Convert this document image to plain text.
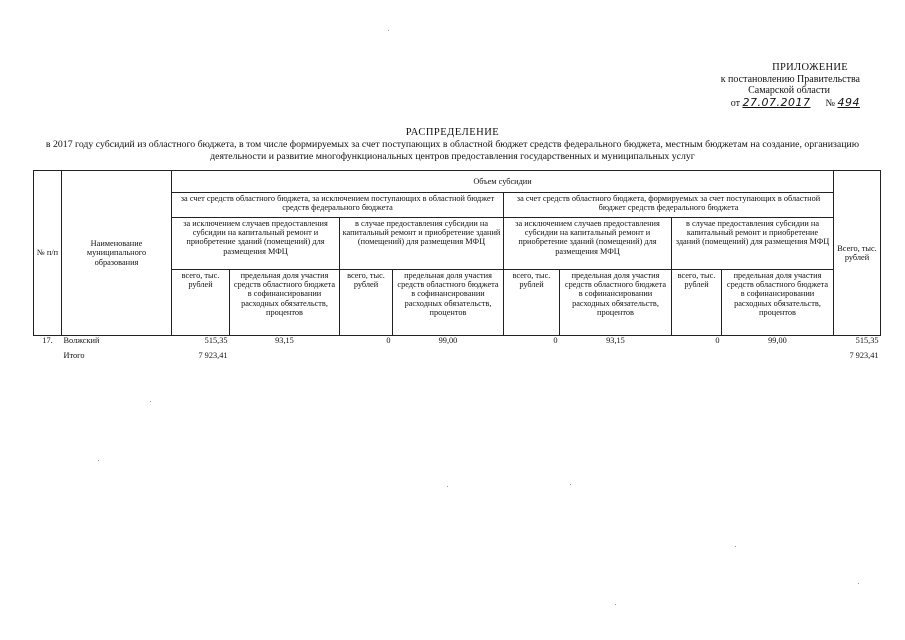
ПРИЛОЖЕНИЕ
к постановлению Правительства
Самарской области
от 27.07.2017 № 494
РАСПРЕДЕЛЕНИЕ
в 2017 году субсидий из областного бюджета, в том числе формируемых за счет поступающих в областной бюджет средств федерального бюджета, местным бюджетам на создание, организацию деятельности и развитие многофункциональных центров предоставления государственных и муниципальных услуг
№ п/п	Наименование муниципального образования	Объем субсидии								Всего, тыс. рублей
		за счет средств областного бюджета, за исключением поступающих в областной бюджет средств федерального бюджета				за счет средств областного бюджета, формируемых за счет поступающих в областной бюджет средств федерального бюджета				
		за исключением случаев предоставления субсидии на капитальный ремонт и приобретение зданий (помещений) для размещения МФЦ		в случае предоставления субсидии на капитальный ремонт и приобретение зданий (помещений) для размещения МФЦ		за исключением случаев предоставления субсидии на капитальный ремонт и приобретение зданий (помещений) для размещения МФЦ		в случае предоставления субсидии на капитальный ремонт и приобретение зданий (помещений) для размещения МФЦ		
		всего, тыс. рублей	предельная доля участия средств областного бюджета в софинансировании расходных обязательств, процентов	всего, тыс. рублей	предельная доля участия средств областного бюджета в софинансировании расходных обязательств, процентов	всего, тыс. рублей	предельная доля участия средств областного бюджета в софинансировании расходных обязательств, процентов	всего, тыс. рублей	предельная доля участия средств областного бюджета в софинансировании расходных обязательств, процентов	
17.	Волжский	515,35	93,15	0	99,00	0	93,15	0	99,00	515,35
	Итого	7 923,41								7 923,41
